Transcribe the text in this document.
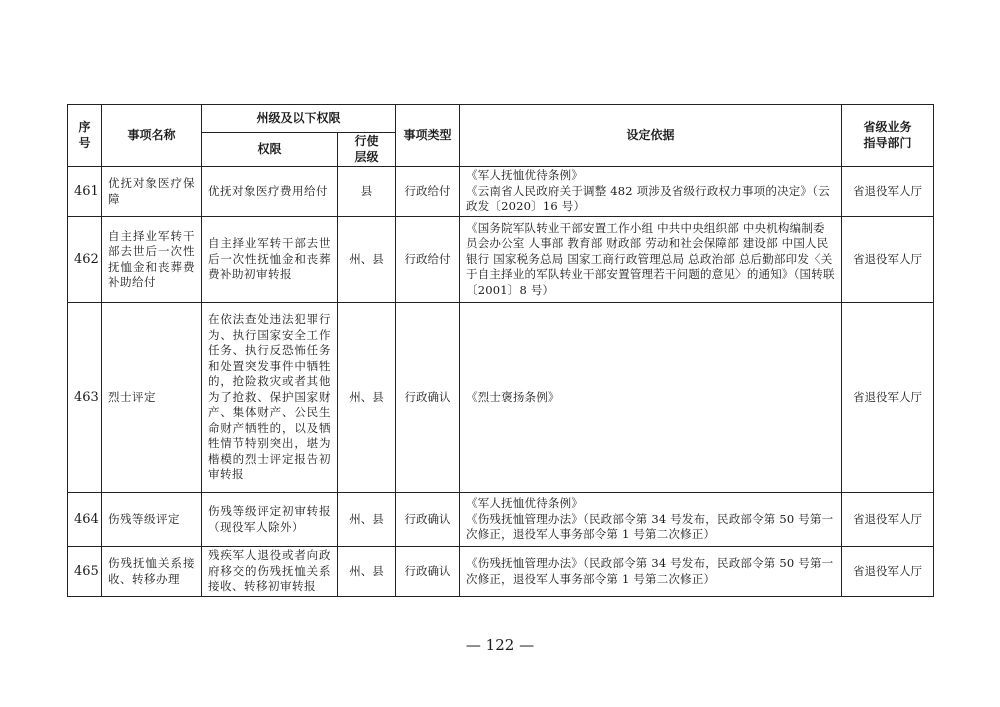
序
号	事项名称	州级及以下权限		事项类型	设定依据	省级业务
指导部门
		权限	行使
层级			
461	优抚对象医疗保障	优抚对象医疗费用给付	县	行政给付	《军人抚恤优待条例》
《云南省人民政府关于调整 482 项涉及省级行政权力事项的决定》（云政发〔2020〕16 号）	省退役军人厅
462	自主择业军转干部去世后一次性抚恤金和丧葬费补助给付	自主择业军转干部去世后一次性抚恤金和丧葬费补助初审转报	州、县	行政给付	《国务院军队转业干部安置工作小组 中共中央组织部 中央机构编制委员会办公室 人事部 教育部 财政部 劳动和社会保障部 建设部 中国人民银行 国家税务总局 国家工商行政管理总局 总政治部 总后勤部印发〈关于自主择业的军队转业干部安置管理若干问题的意见〉的通知》（国转联〔2001〕8 号）	省退役军人厅
463	烈士评定	在依法查处违法犯罪行为、执行国家安全工作任务、执行反恐怖任务和处置突发事件中牺牲的，抢险救灾或者其他为了抢救、保护国家财产、集体财产、公民生命财产牺牲的，以及牺牲情节特别突出，堪为楷模的烈士评定报告初审转报	州、县	行政确认	《烈士褒扬条例》	省退役军人厅
464	伤残等级评定	伤残等级评定初审转报（现役军人除外）	州、县	行政确认	《军人抚恤优待条例》
《伤残抚恤管理办法》（民政部令第 34 号发布，民政部令第 50 号第一次修正，退役军人事务部令第 1 号第二次修正）	省退役军人厅
465	伤残抚恤关系接收、转移办理	残疾军人退役或者向政府移交的伤残抚恤关系接收、转移初审转报	州、县	行政确认	《伤残抚恤管理办法》（民政部令第 34 号发布，民政部令第 50 号第一次修正，退役军人事务部令第 1 号第二次修正）	省退役军人厅
— 122 —
